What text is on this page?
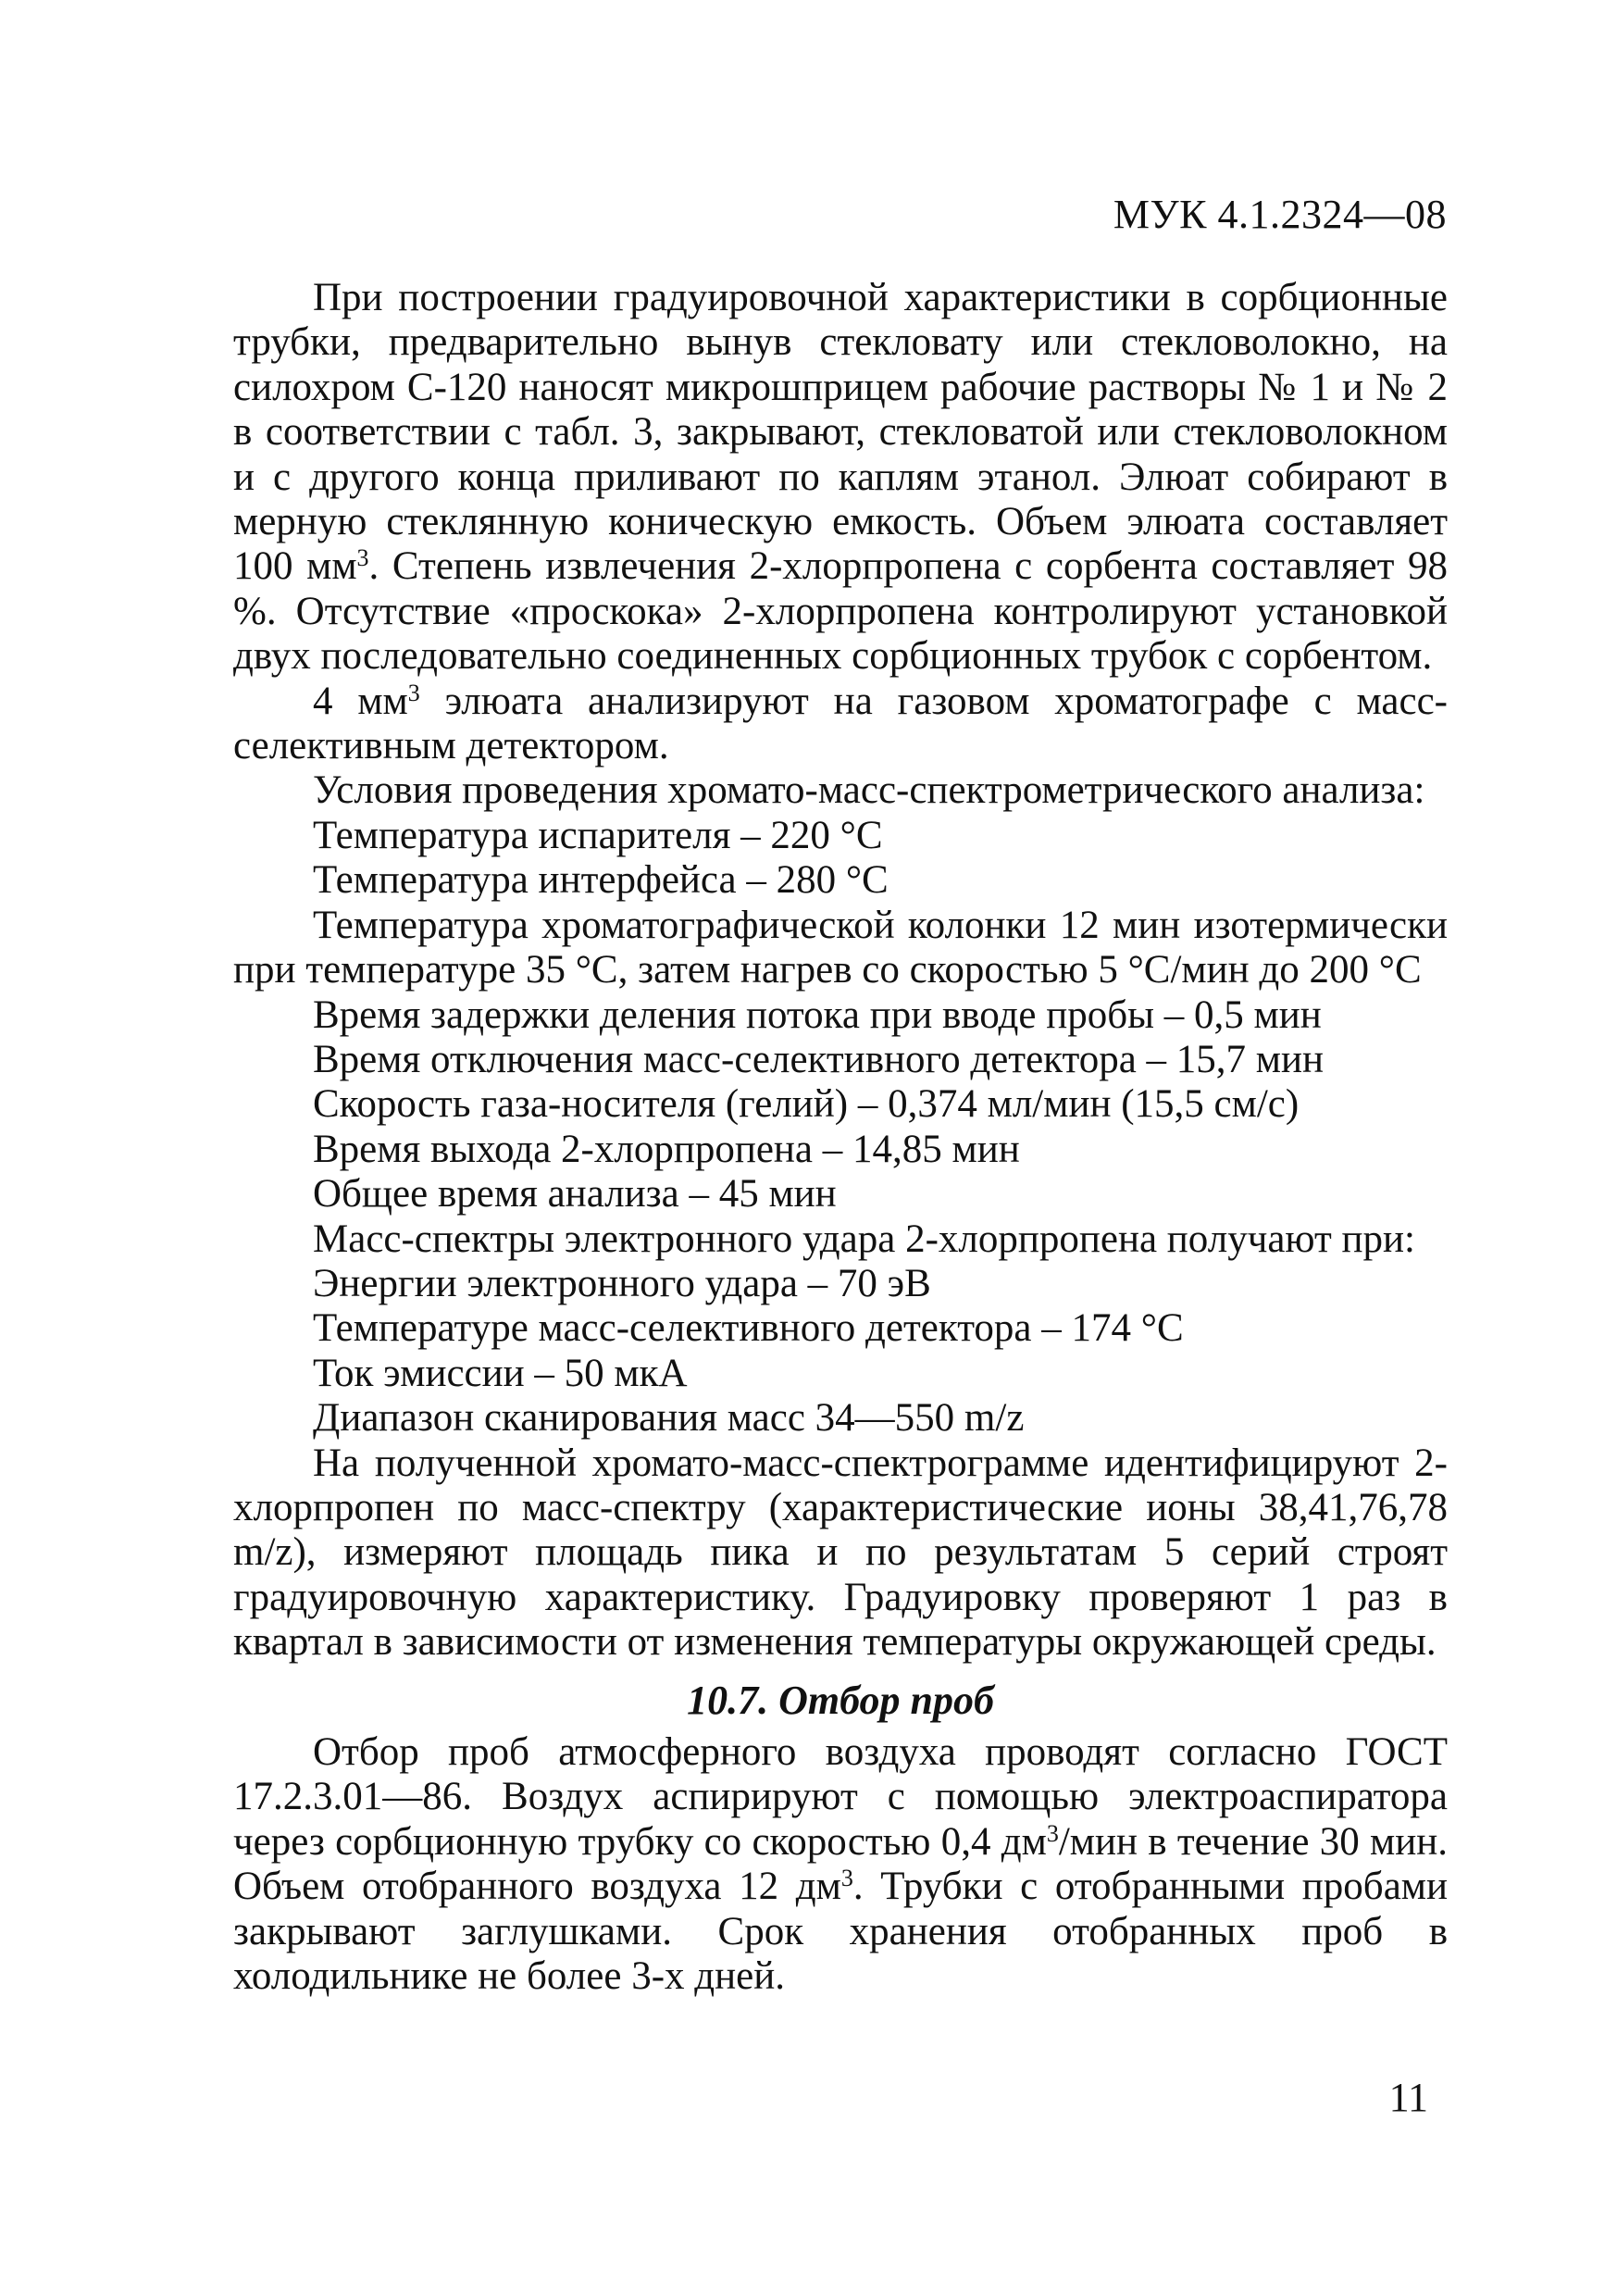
МУК 4.1.2324—08

При построении градуировочной характеристики в сорбционные трубки, предварительно вынув стекловату или стекловолокно, на силохром С-120 наносят микрошприцем рабочие растворы № 1 и № 2 в соответствии с табл. 3, закрывают, стекловатой или стекловолокном и с другого конца приливают по каплям этанол. Элюат собирают в мерную стеклянную коническую емкость. Объем элюата составляет 100 $мм^3$. Степень извлечения 2-хлорпропена с сорбента составляет 98 %. Отсутствие «проскока» 2-хлорпропена контролируют установкой двух последовательно соединенных сорбционных трубок с сорбентом.

4 $мм^3$ элюата анализируют на газовом хроматографе с масс-селективным детектором.

Условия проведения хромато-масс-спектрометрического анализа:
Температура испарителя – 220 °С
Температура интерфейса – 280 °С
Температура хроматографической колонки 12 мин изотермически при температуре 35 °С, затем нагрев со скоростью 5 °С/мин до 200 °С
Время задержки деления потока при вводе пробы – 0,5 мин
Время отключения масс-селективного детектора – 15,7 мин
Скорость газа-носителя (гелий) – 0,374 мл/мин (15,5 см/с)
Время выхода 2-хлорпропена – 14,85 мин
Общее время анализа – 45 мин
Масс-спектры электронного удара 2-хлорпропена получают при:
Энергии электронного удара – 70 эВ
Температуре масс-селективного детектора – 174 °С
Ток эмиссии – 50 мкА
Диапазон сканирования масс 34—550 m/z

На полученной хромато-масс-спектрограмме идентифицируют 2-хлорпропен по масс-спектру (характеристические ионы 38,41,76,78 m/z), измеряют площадь пика и по результатам 5 серий строят градуировочную характеристику. Градуировку проверяют 1 раз в квартал в зависимости от изменения температуры окружающей среды.

10.7. Отбор проб

Отбор проб атмосферного воздуха проводят согласно ГОСТ 17.2.3.01—86. Воздух аспирируют с помощью электроаспиратора через сорбционную трубку со скоростью 0,4 $дм^3$/мин в течение 30 мин. Объем отобранного воздуха 12 $дм^3$. Трубки с отобранными пробами закрывают заглушками. Срок хранения отобранных проб в холодильнике не более 3-х дней.

11
